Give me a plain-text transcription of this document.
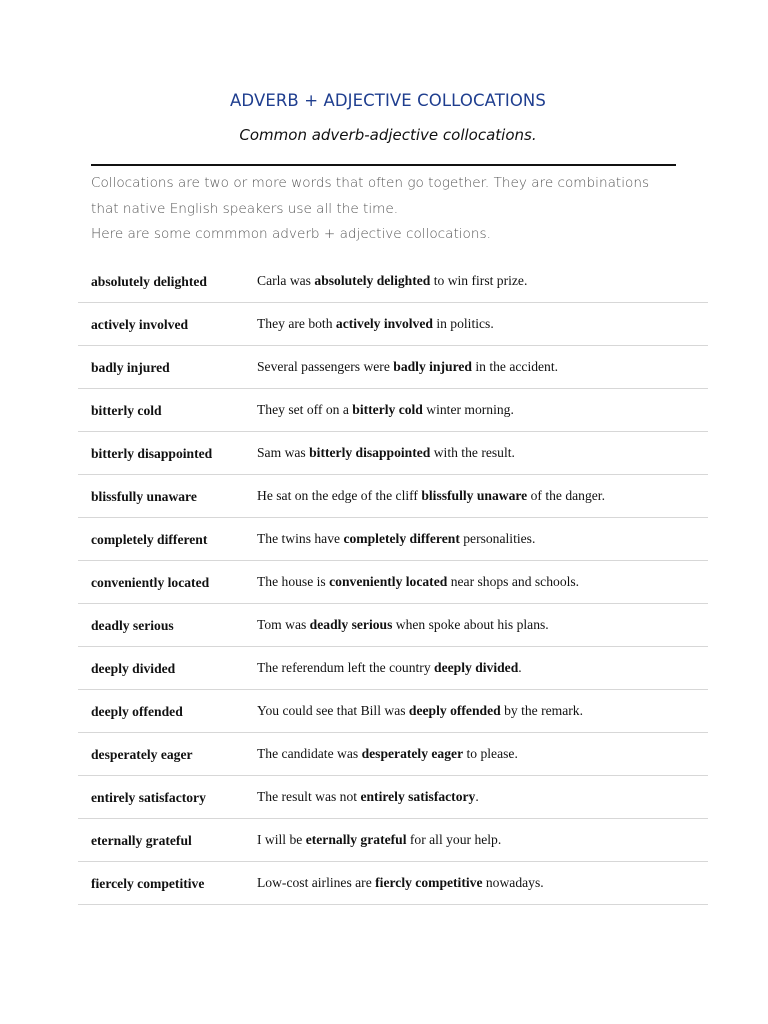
ADVERB + ADJECTIVE COLLOCATIONS
Common adverb-adjective collocations.

Collocations are two or more words that often go together. They are combinations

that native English speakers use all the time.

Here are some commmon adverb + adjective collocations.

absolutely delighted	Carla was absolutely delighted to win first prize.
actively involved	They are both actively involved in politics.
badly injured	Several passengers were badly injured in the accident.
bitterly cold	They set off on a bitterly cold winter morning.
bitterly disappointed	Sam was bitterly disappointed with the result.
blissfully unaware	He sat on the edge of the cliff blissfully unaware of the danger.
completely different	The twins have completely different personalities.
conveniently located	The house is conveniently located near shops and schools.
deadly serious	Tom was deadly serious when spoke about his plans.
deeply divided	The referendum left the country deeply divided.
deeply offended	You could see that Bill was deeply offended by the remark.
desperately eager	The candidate was desperately eager to please.
entirely satisfactory	The result was not entirely satisfactory.
eternally grateful	I will be eternally grateful for all your help.
fiercely competitive	Low-cost airlines are fiercly competitive nowadays.
